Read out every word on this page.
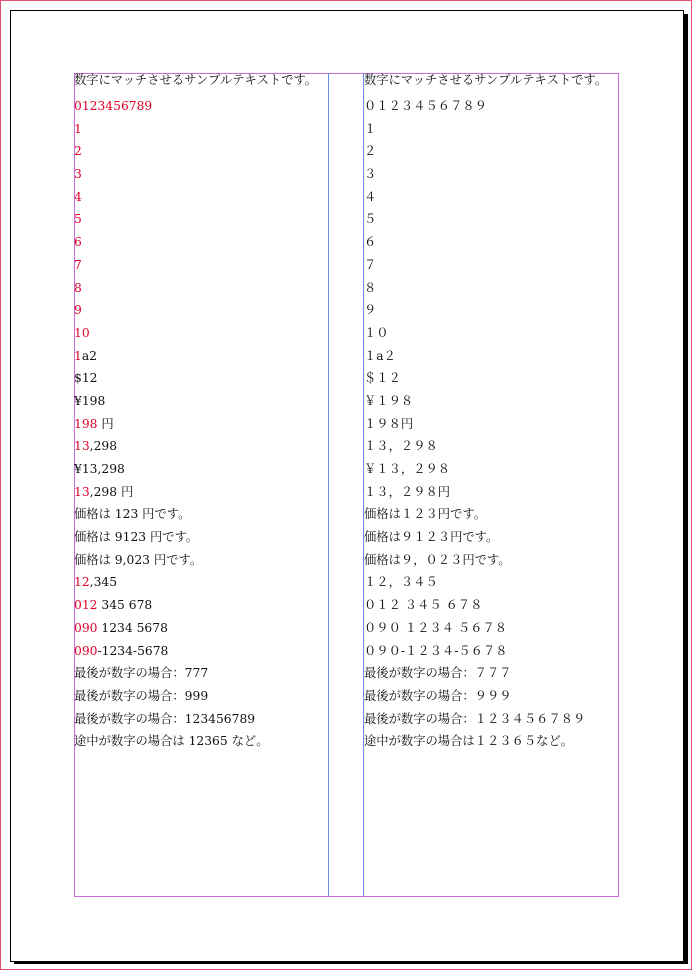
数字にマッチさせるサンプルテキストです。
0123456789
1
2
3
4
5
6
7
8
9
10
1a2
$12
¥198
198 円
13,298
¥13,298
13,298 円
価格は 123 円です。
価格は 9123 円です。
価格は 9,023 円です。
12,345
012 345 678
090 1234 5678
090-1234-5678
最後が数字の場合：777
最後が数字の場合：999
最後が数字の場合：123456789
途中が数字の場合は 12365 など。
数字にマッチさせるサンプルテキストです。
０１２３４５６７８９
１
２
３
４
５
６
７
８
９
１０
１a２
＄１２
￥１９８
１９８円
１３，２９８
￥１３，２９８
１３，２９８円
価格は１２３円です。
価格は９１２３円です。
価格は９，０２３円です。
１２，３４５
０１２ ３４５ ６７８
０９０ １２３４ ５６７８
０９０-１２３４-５６７８
最後が数字の場合：７７７
最後が数字の場合：９９９
最後が数字の場合：１２３４５６７８９
途中が数字の場合は１２３６５など。
